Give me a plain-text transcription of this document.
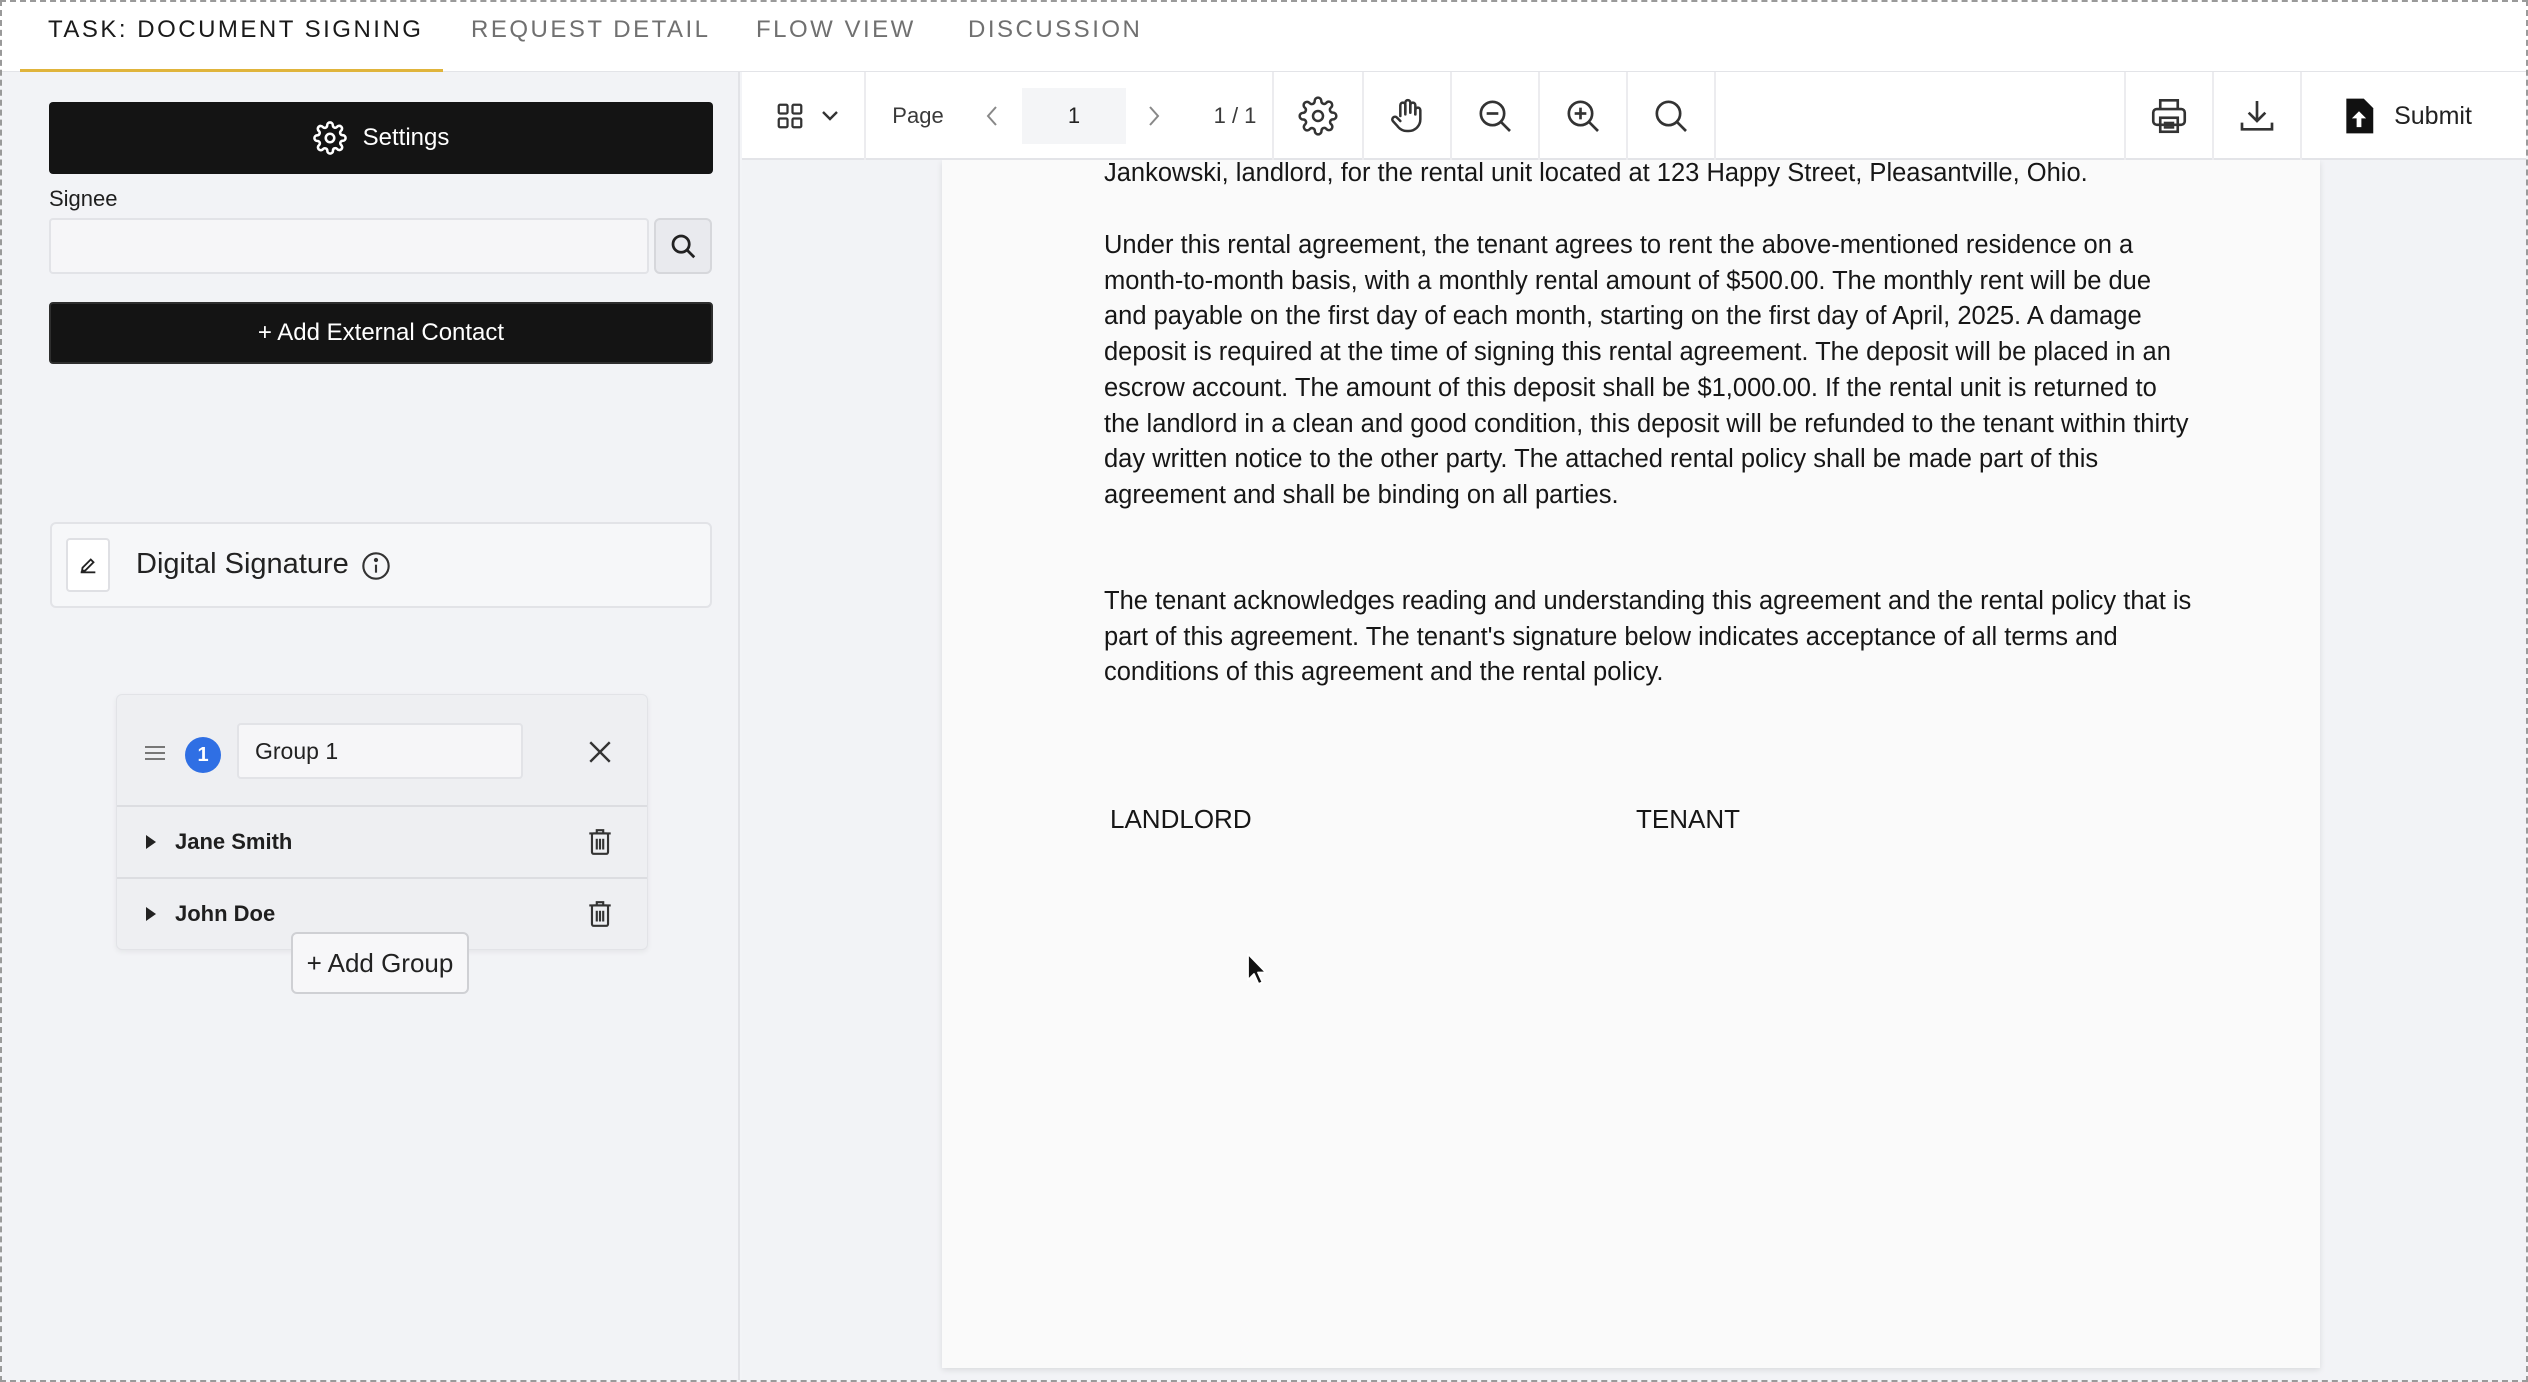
TASK: DOCUMENT SIGNING REQUEST DETAIL FLOW VIEW DISCUSSION
Settings
Signee
+ Add External Contact
Digital Signature
1
Group 1
Jane Smith
John Doe
+ Add Group
Page
1	1 / 1	Submit
Jankowski, landlord, for the rental unit located at 123 Happy Street, Pleasantville, Ohio.
Under this rental agreement, the tenant agrees to rent the above-mentioned residence on a month-to-month basis, with a monthly rental amount of $500.00. The monthly rent will be due and payable on the first day of each month, starting on the first day of April, 2025. A damage deposit is required at the time of signing this rental agreement. The deposit will be placed in an escrow account. The amount of this deposit shall be $1,000.00. If the rental unit is returned to the landlord in a clean and good condition, this deposit will be refunded to the tenant within thirty day written notice to the other party. The attached rental policy shall be made part of this agreement and shall be binding on all parties.
The tenant acknowledges reading and understanding this agreement and the rental policy that is part of this agreement. The tenant's signature below indicates acceptance of all terms and conditions of this agreement and the rental policy.
LANDLORD	TENANT
